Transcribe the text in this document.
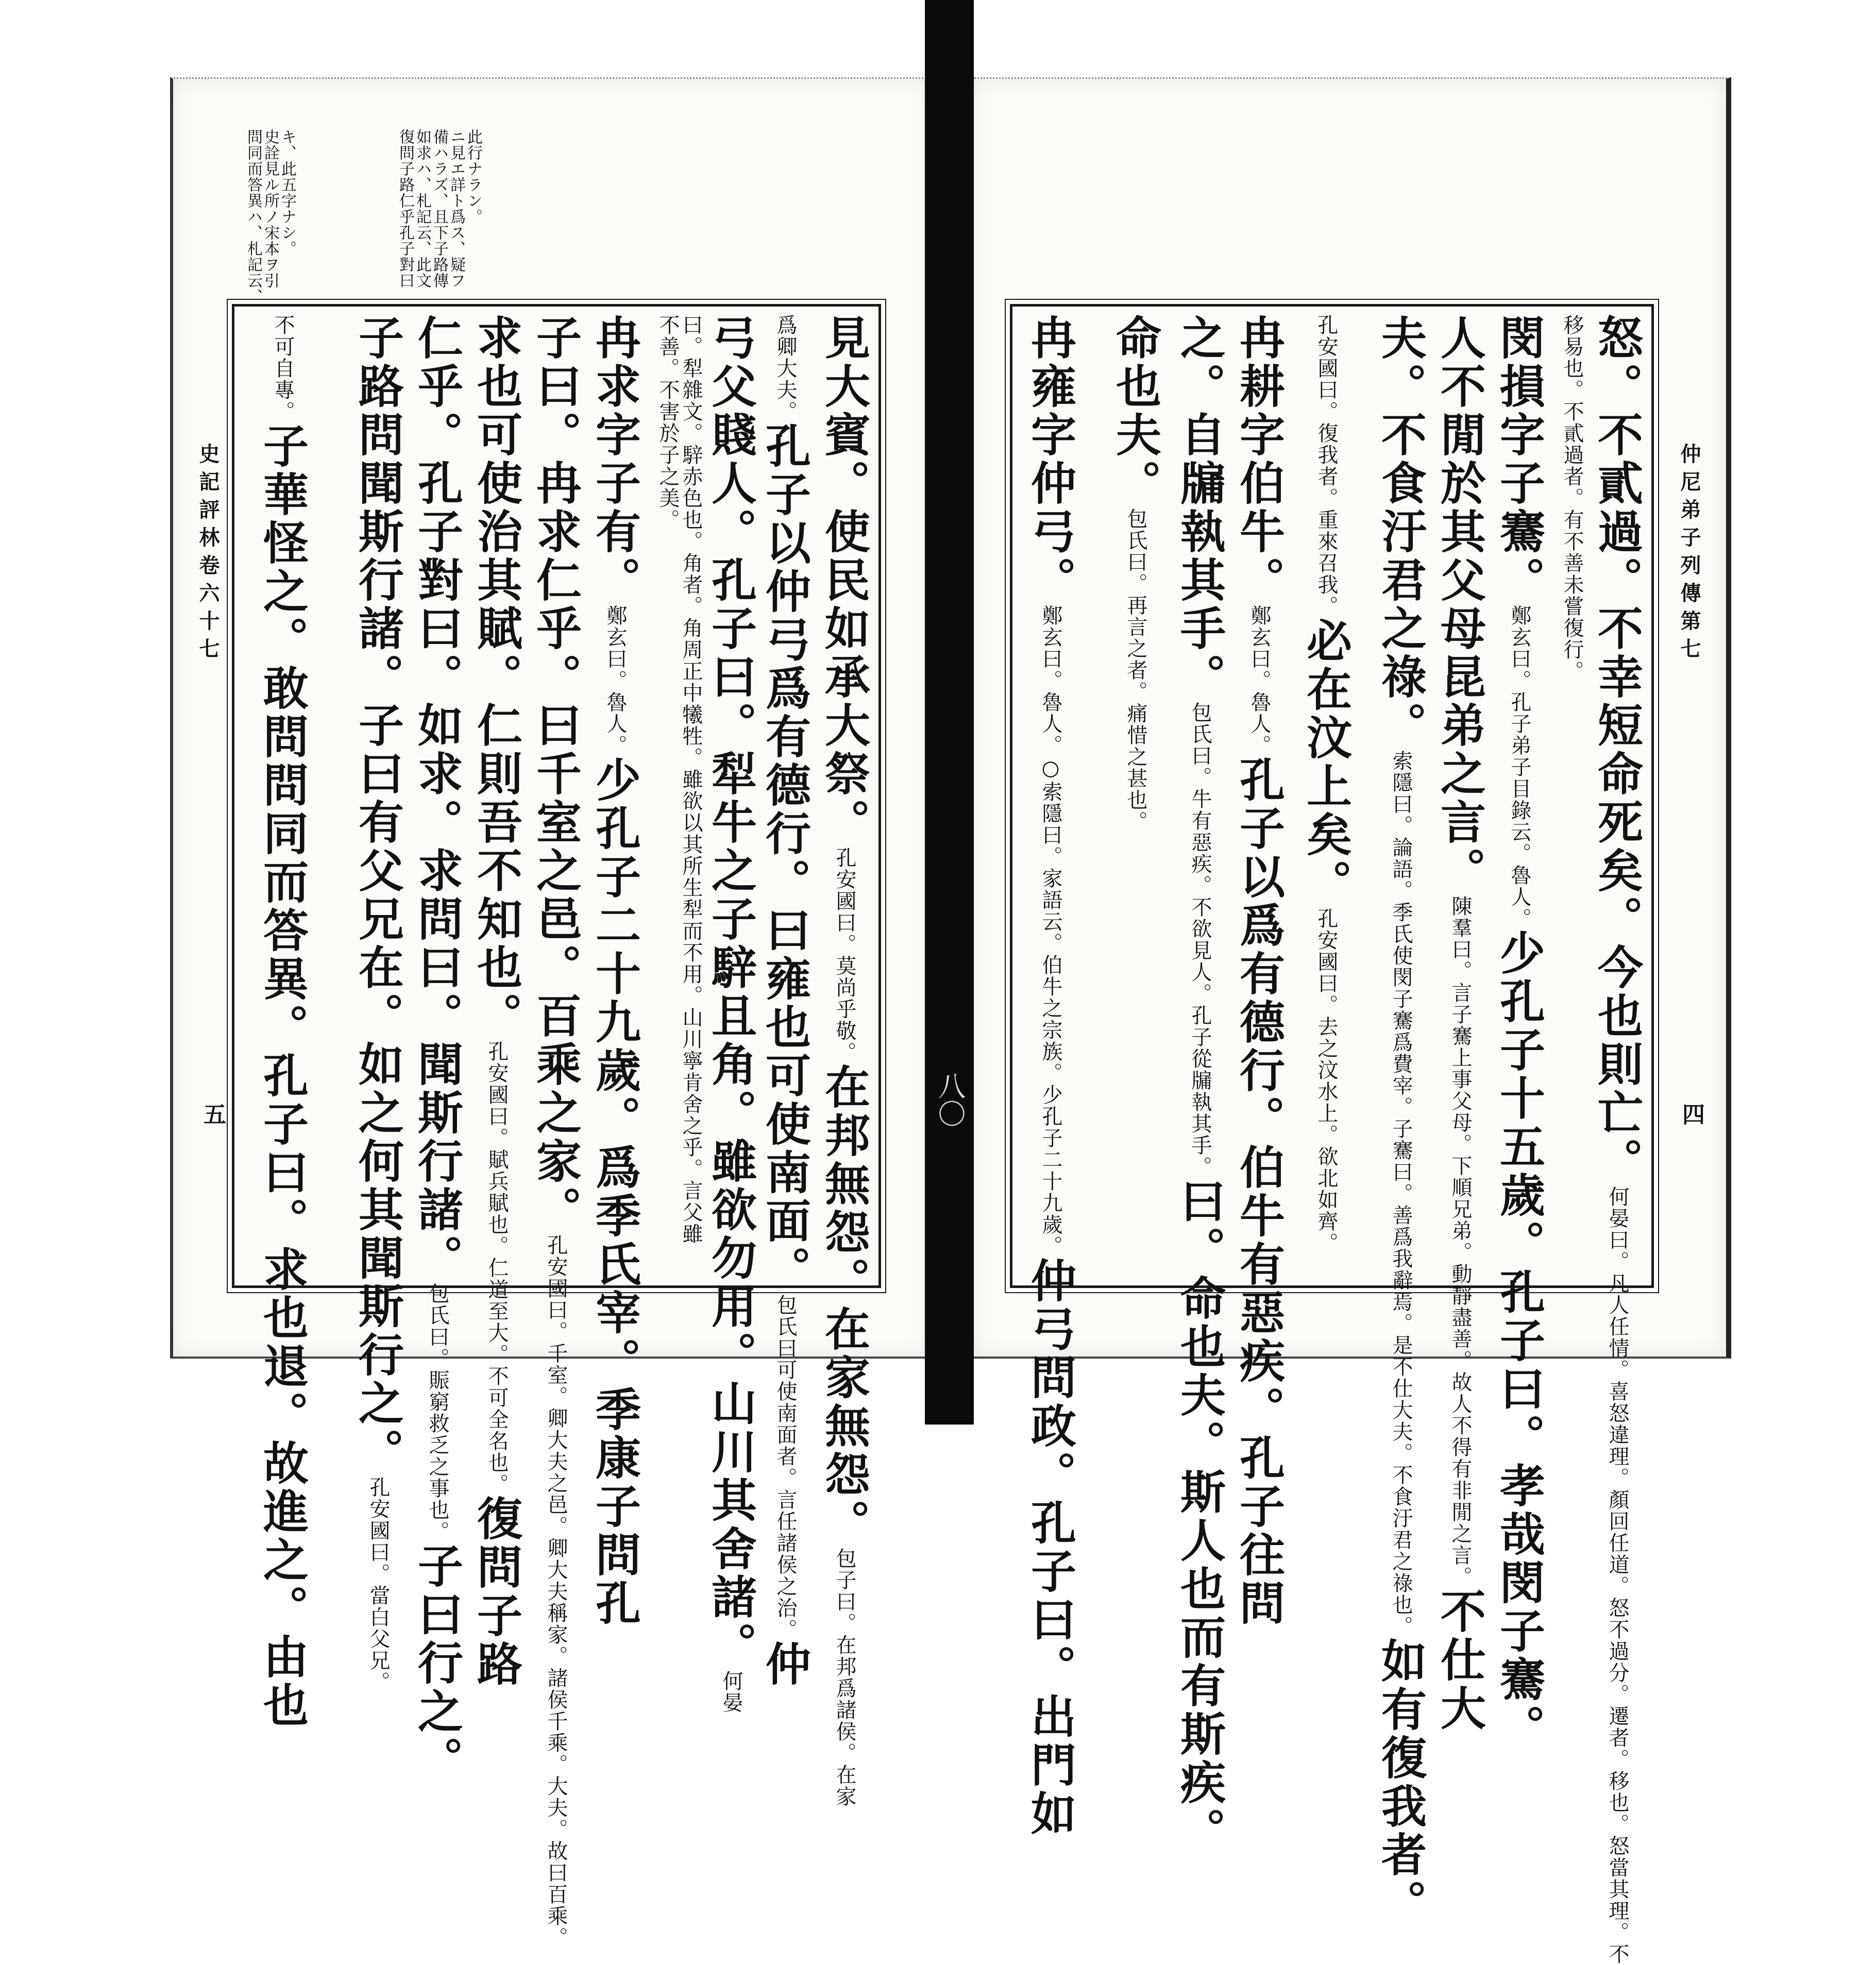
キ、此五字ナシ。
史詮見ル所ノ宋本ヲ引
問同而答異ハ、札記云、	此行ナラン。
ニ見エ詳ト爲ス、疑フ
備ハラズ、且下子路傳
如求ハ、札記云、此文
復問子路仁乎孔子對曰
史記評林卷六十七
五
見大賓。使民如承大祭。孔安國曰。莫尚乎敬。在邦無怨。在家無怨。包子曰。在邦爲諸侯。在家
爲卿大夫。孔子以仲弓爲有德行。曰雍也可使南面。包氏曰可使南面者。言任諸侯之治。仲
弓父賤人。孔子曰。犁牛之子騂且角。雖欲勿用。山川其舍諸。何晏
曰。犁雜文。騂赤色也。角者。角周正中犧牲。雖欲以其所生犁而不用。山川寧肯舍之乎。言父雖
不善。不害於子之美。
冉求字子有。鄭玄曰。魯人。少孔子二十九歲。爲季氏宰。季康子問孔
子曰。冉求仁乎。曰千室之邑。百乘之家。孔安國曰。千室。卿大夫之邑。卿大夫稱家。諸侯千乘。大夫。故曰百乘。
求也可使治其賦。仁則吾不知也。孔安國曰。賦兵賦也。仁道至大。不可全名也。復問子路
仁乎。孔子對曰。如求。求問曰。聞斯行諸。包氏曰。賑窮救乏之事也。子曰行之。
子路問聞斯行諸。子曰有父兄在。如之何其聞斯行之。孔安國曰。當白父兄。
不可自專。子華怪之。敢問問同而答異。孔子曰。求也退。故進之。由也	八〇
仲尼弟子列傳第七
四
怒。不貳過。不幸短命死矣。今也則亡。何晏曰。凡人任情。喜怒違理。顏回任道。怒不過分。遷者。移也。怒當其理。不
移易也。不貳過者。有不善未嘗復行。
閔損字子騫。鄭玄曰。孔子弟子目錄云。魯人。少孔子十五歲。孔子曰。孝哉閔子騫。
人不閒於其父母昆弟之言。陳羣曰。言子騫上事父母。下順兄弟。動靜盡善。故人不得有非閒之言。不仕大
夫。不食汙君之祿。索隱曰。論語。季氏使閔子騫爲費宰。子騫曰。善爲我辭焉。是不仕大夫。不食汙君之祿也。如有復我者。
孔安國曰。復我者。重來召我。必在汶上矣。孔安國曰。去之汶水上。欲北如齊。
冉耕字伯牛。鄭玄曰。魯人。孔子以爲有德行。伯牛有惡疾。孔子往問
之。自牖執其手。包氏曰。牛有惡疾。不欲見人。孔子從牖執其手。曰。命也夫。斯人也而有斯疾。
命也夫。包氏曰。再言之者。痛惜之甚也。
冉雍字仲弓。鄭玄曰。魯人。○索隱曰。家語云。伯牛之宗族。少孔子二十九歲。仲弓問政。孔子曰。出門如
